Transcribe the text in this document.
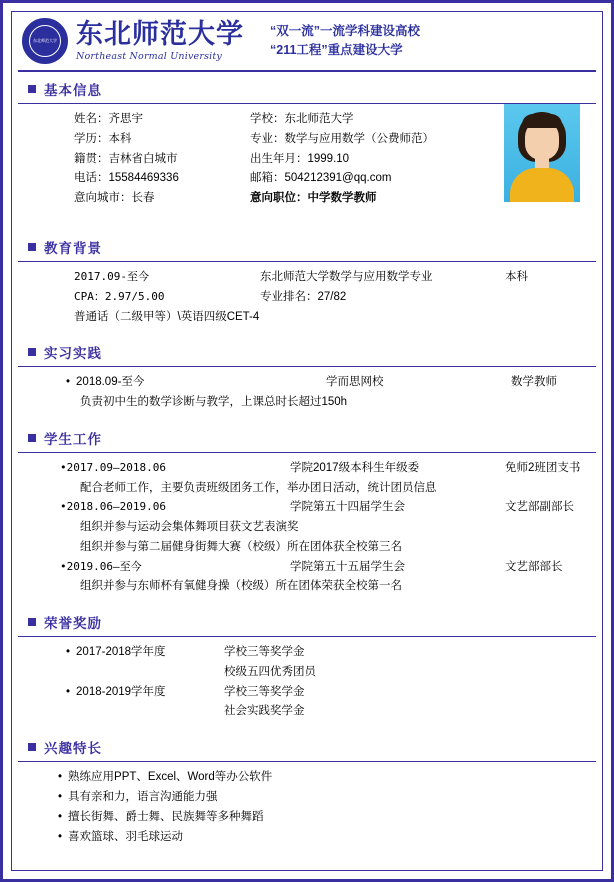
东北师范大学 东北师范大学
Northeast Normal University
“双一流”一流学科建设高校
“211工程”重点建设大学
基本信息
姓名：齐思宇
学历：本科
籍贯：吉林省白城市
电话：15584469336
意向城市：长春
学校：东北师范大学
专业：数学与应用数学（公费师范）
出生年月：1999.10
邮箱：504212391@qq.com
意向职位：中学数学教师
教育背景
2017.09-至今	东北师范大学数学与应用数学专业	本科
CPA：2.97/5.00	专业排名：27/82
普通话（二级甲等）\英语四级CET-4
实习实践
• 2018.09-至今	学而思网校	数学教师
负责初中生的数学诊断与教学，上课总时长超过150h
学生工作
•2017.09—2018.06	学院2017级本科生年级委	免师2班团支书
配合老师工作，主要负责班级团务工作，举办团日活动，统计团员信息
•2018.06—2019.06	学院第五十四届学生会	文艺部副部长
组织并参与运动会集体舞项目获文艺表演奖
组织并参与第二届健身街舞大赛（校级）所在团体获全校第三名
•2019.06—至今	学院第五十五届学生会	文艺部部长
组织并参与东师杯有氧健身操（校级）所在团体荣获全校第一名
荣誉奖励
• 2017-2018学年度	学校三等奖学金
校级五四优秀团员
• 2018-2019学年度	学校三等奖学金
社会实践奖学金
兴趣特长
• 熟练应用PPT、Excel、Word等办公软件
• 具有亲和力，语言沟通能力强
• 擅长街舞、爵士舞、民族舞等多种舞蹈
• 喜欢篮球、羽毛球运动
